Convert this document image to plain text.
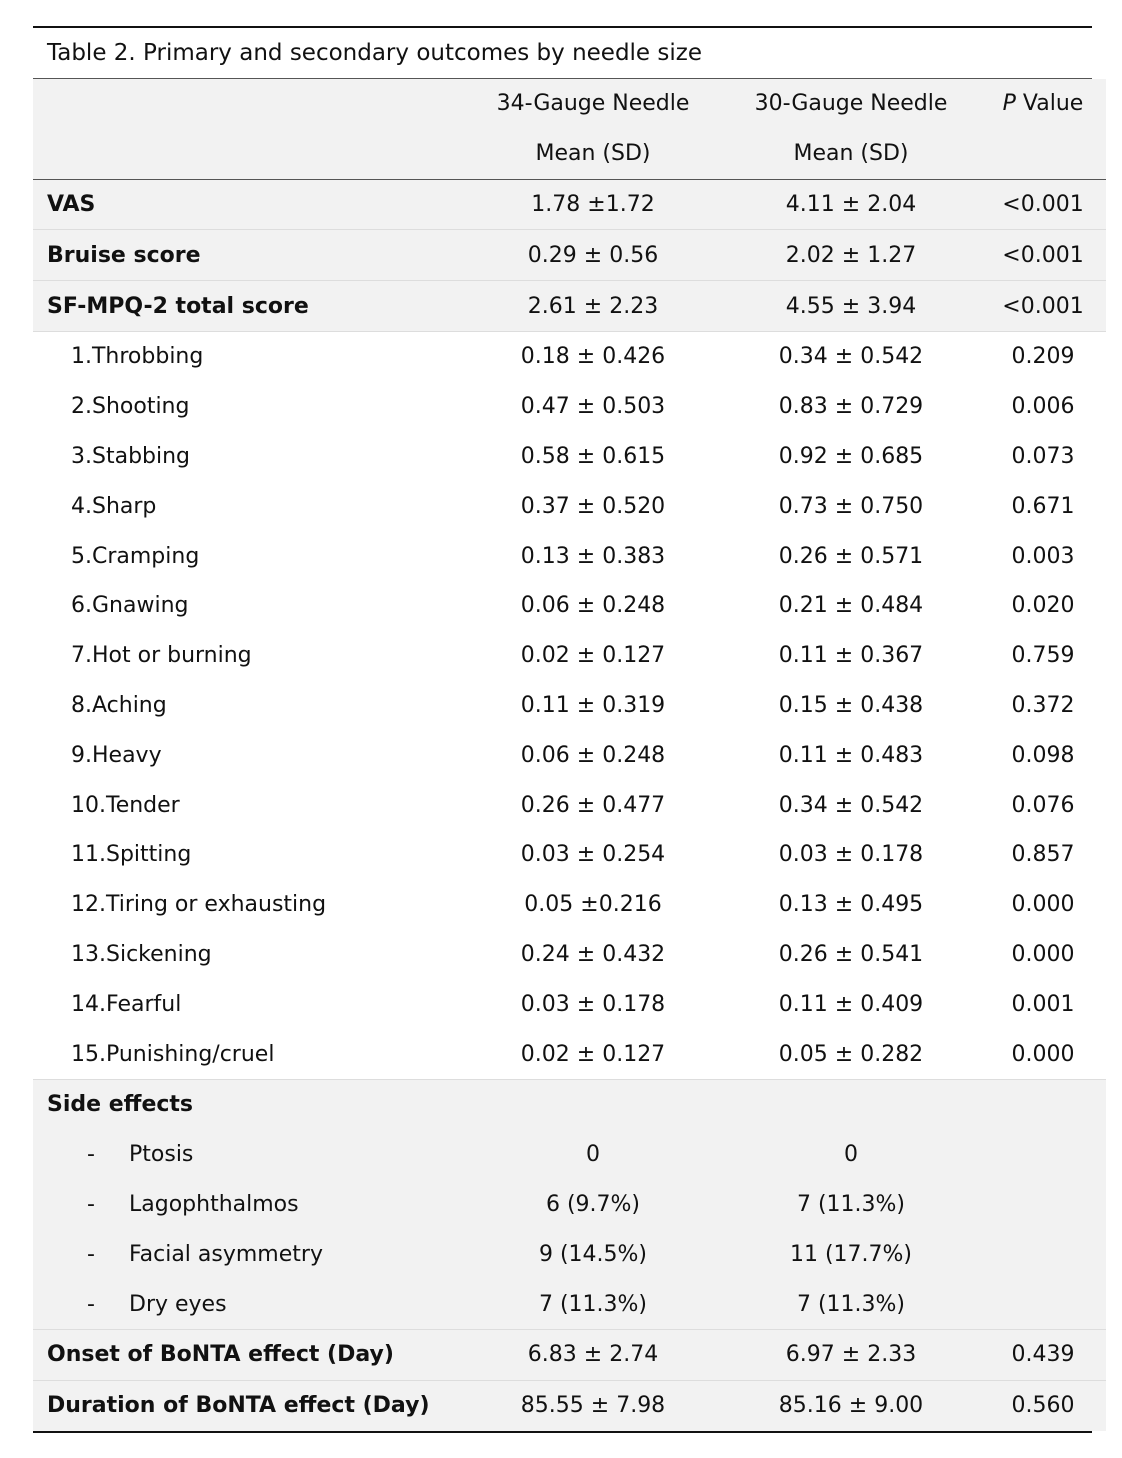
Table 2. Primary and secondary outcomes by needle size
	34-Gauge Needle	30-Gauge Needle	P Value
	Mean (SD)	Mean (SD)	
VAS	1.78 ±1.72	4.11 ± 2.04	<0.001
Bruise score	0.29 ± 0.56	2.02 ± 1.27	<0.001
SF-MPQ-2 total score	2.61 ± 2.23	4.55 ± 3.94	<0.001
1.Throbbing	0.18 ± 0.426	0.34 ± 0.542	0.209
2.Shooting	0.47 ± 0.503	0.83 ± 0.729	0.006
3.Stabbing	0.58 ± 0.615	0.92 ± 0.685	0.073
4.Sharp	0.37 ± 0.520	0.73 ± 0.750	0.671
5.Cramping	0.13 ± 0.383	0.26 ± 0.571	0.003
6.Gnawing	0.06 ± 0.248	0.21 ± 0.484	0.020
7.Hot or burning	0.02 ± 0.127	0.11 ± 0.367	0.759
8.Aching	0.11 ± 0.319	0.15 ± 0.438	0.372
9.Heavy	0.06 ± 0.248	0.11 ± 0.483	0.098
10.Tender	0.26 ± 0.477	0.34 ± 0.542	0.076
11.Spitting	0.03 ± 0.254	0.03 ± 0.178	0.857
12.Tiring or exhausting	0.05 ±0.216	0.13 ± 0.495	0.000
13.Sickening	0.24 ± 0.432	0.26 ± 0.541	0.000
14.Fearful	0.03 ± 0.178	0.11 ± 0.409	0.001
15.Punishing/cruel	0.02 ± 0.127	0.05 ± 0.282	0.000
Side effects			
- Ptosis	0	0	
- Lagophthalmos	6 (9.7%)	7 (11.3%)	
- Facial asymmetry	9 (14.5%)	11 (17.7%)	
- Dry eyes	7 (11.3%)	7 (11.3%)	
Onset of BoNTA effect (Day)	6.83 ± 2.74	6.97 ± 2.33	0.439
Duration of BoNTA effect (Day)	85.55 ± 7.98	85.16 ± 9.00	0.560
